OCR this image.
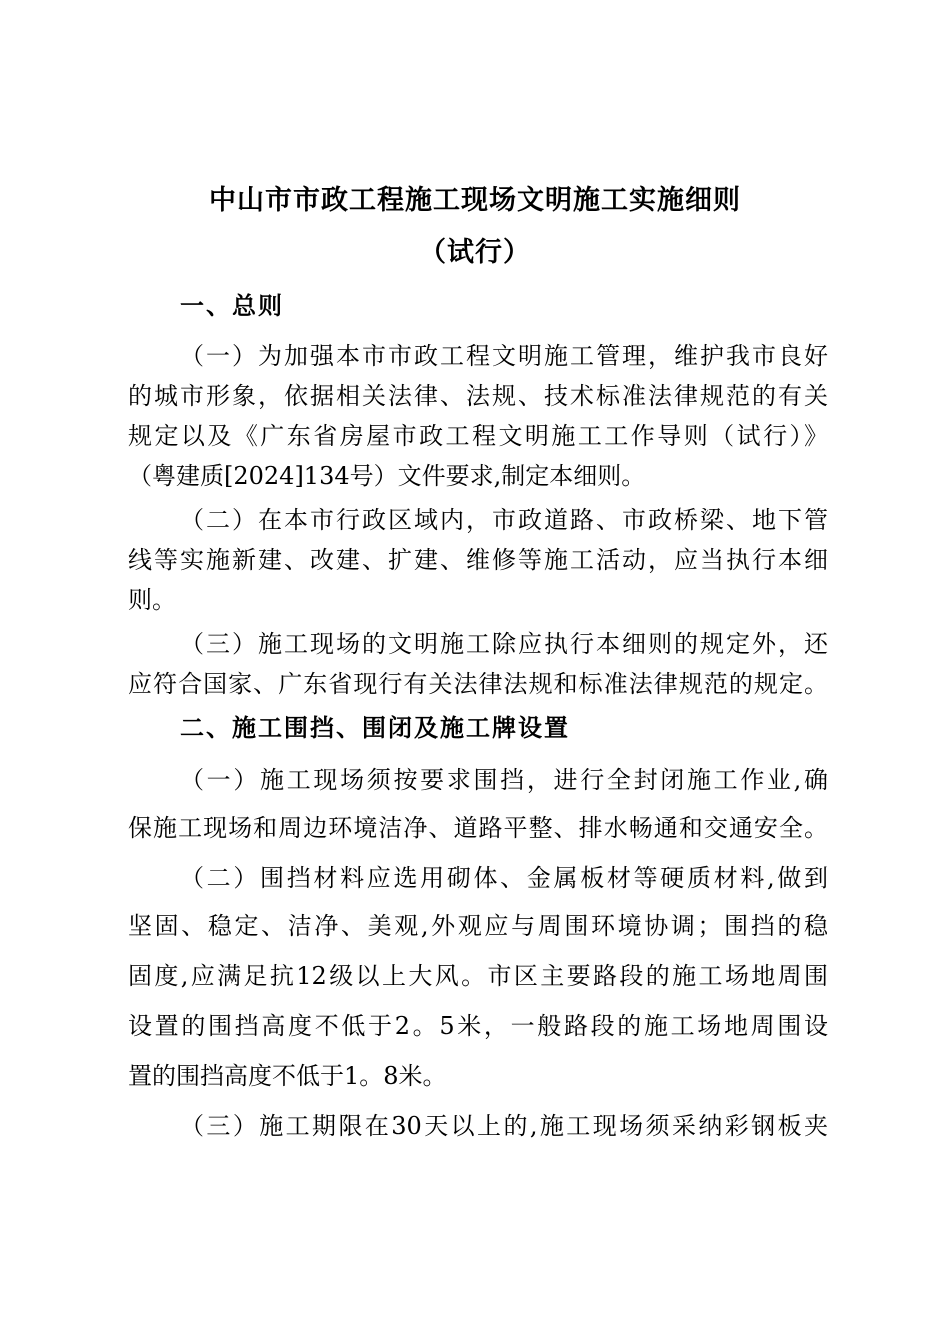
中山市市政工程施工现场文明施工实施细则
（试行）
一、总则
（一）为加强本市市政工程文明施工管理，维护我市良好
的城市形象，依据相关法律、法规、技术标准法律规范的有关
规定以及《广东省房屋市政工程文明施工工作导则（试行）》
（粤建质[2024]134号）文件要求,制定本细则。
（二）在本市行政区域内，市政道路、市政桥梁、地下管
线等实施新建、改建、扩建、维修等施工活动，应当执行本细
则。
（三）施工现场的文明施工除应执行本细则的规定外，还
应符合国家、广东省现行有关法律法规和标准法律规范的规定。
二、施工围挡、围闭及施工牌设置
（一）施工现场须按要求围挡，进行全封闭施工作业,确
保施工现场和周边环境洁净、道路平整、排水畅通和交通安全。
（二）围挡材料应选用砌体、金属板材等硬质材料,做到
坚固、稳定、洁净、美观,外观应与周围环境协调；围挡的稳
固度,应满足抗12级以上大风。市区主要路段的施工场地周围
设置的围挡高度不低于2。5米，一般路段的施工场地周围设
置的围挡高度不低于1。8米。
（三）施工期限在30天以上的,施工现场须采纳彩钢板夹
